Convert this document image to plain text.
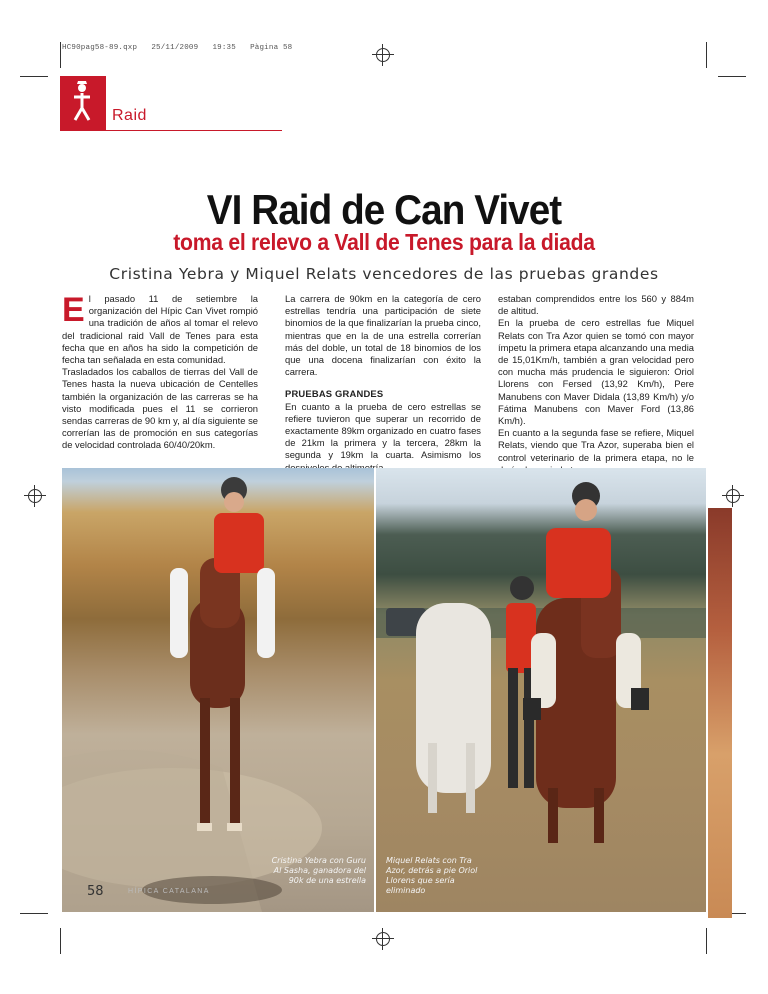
HC90pag58-89.qxp 25/11/2009 19:35 Pàgina 58
Raid
VI Raid de Can Vivet
toma el relevo a Vall de Tenes para la diada
Cristina Yebra y Miquel Relats vencedores de las pruebas grandes
E l pasado 11 de setiembre la organización del Hípic Can Vivet rompió una tradición de años al tomar el relevo del tradicional raid Vall de Tenes para esta fecha que en años ha sido la competición de fecha tan señalada en esta comunidad.

Trasladados los caballos de tierras del Vall de Tenes hasta la nueva ubicación de Centelles también la organización de las carreras se ha visto modificada pues el 11 se corrieron sendas carreras de 90 km y, al día siguiente se correrían las de promoción en sus categorías de velocidad controlada 60/40/20km.

La carrera de 90km en la categoría de cero estrellas tendría una participación de siete binomios de la que finalizarían la prueba cinco, mientras que en la de una estrella correrían más del doble, un total de 18 binomios de los que una docena finalizarían con éxito la carrera.

PRUEBAS GRANDES

En cuanto a la prueba de cero estrellas se refiere tuvieron que superar un recorrido de exactamente 89km organizado en cuatro fases de 21km la primera y la tercera, 28km la segunda y 19km la cuarta. Asimismo los

estaban comprendidos entre los 560 y 884m de altitud.

En la prueba de cero estrellas fue Miquel Relats con Tra Azor quien se tomó con mayor ímpetu la primera etapa alcanzando una media de 15,01Km/h, también a gran velocidad pero con mucha más prudencia le siguieron: Oriol Llorens con Fersed (13,92 Km/h), Pere Manubens con Maver Didala (13,89 Km/h) y/o Fátima Manubens con Maver Ford (13,86 Km/h).

En cuanto a la segunda fase se refiere, Miquel Relats, viendo que Tra Azor, superaba bien el control veterinario de la primera etapa, no le

Cristina Yebra con Guru Al Sasha, ganadora del 90k de una estrella
Miquel Relats con Tra Azor, detrás a pie Oriol Llorens que sería eliminado
58	HÍPICA CATALANA
